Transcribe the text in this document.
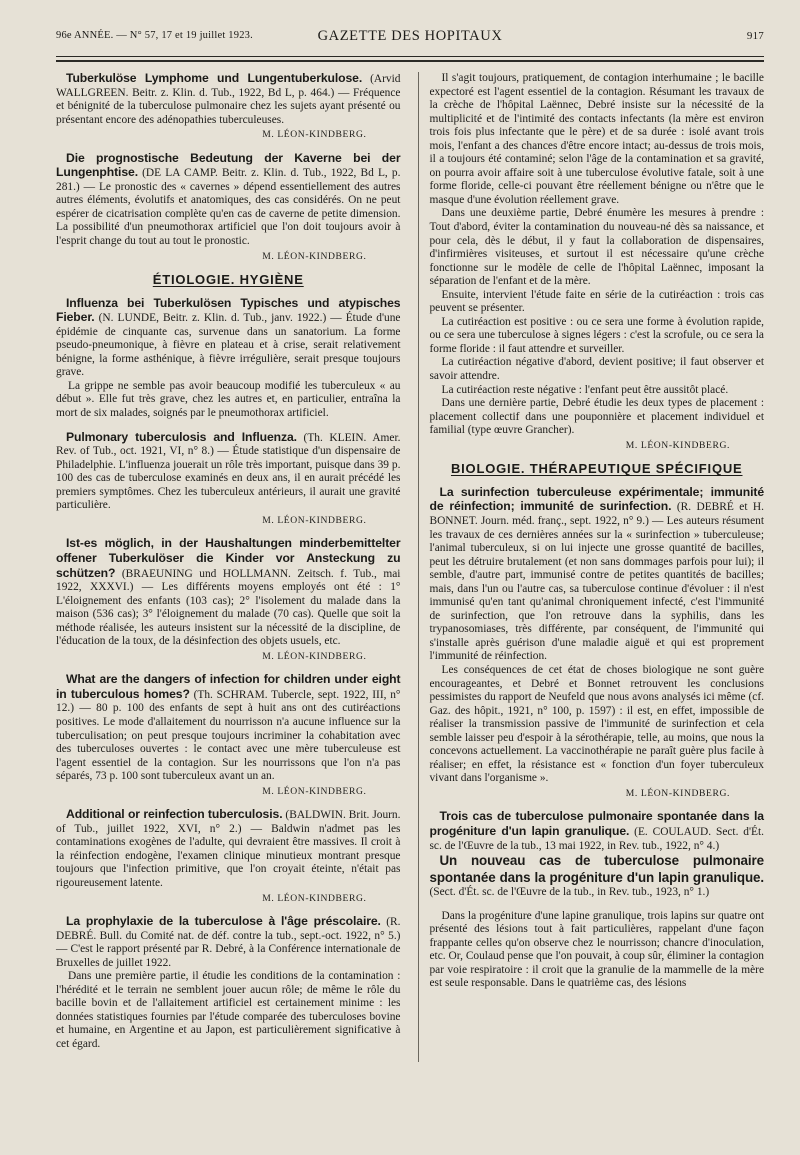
96e ANNÉE. — N° 57, 17 et 19 juillet 1923.	GAZETTE DES HOPITAUX	917

Tuberkulöse Lymphome und Lungentuberkulose. (Arvid WALLGREEN. Beitr. z. Klin. d. Tub., 1922, Bd L, p. 464.) — Fréquence et bénignité de la tuberculose pulmonaire chez les sujets ayant présenté ou présentant encore des adénopathies tuberculeuses.

M. LÉON-KINDBERG.

Die prognostische Bedeutung der Kaverne bei der Lungenphtise. (DE LA CAMP. Beitr. z. Klin. d. Tub., 1922, Bd L, p. 281.) — Le pronostic des « cavernes » dépend essentiellement des autres autres éléments, évolutifs et anatomiques, des cas considérés. On ne peut espérer de cicatrisation complète qu'en cas de caverne de petite dimension. La possibilité d'un pneumothorax artificiel que l'on doit toujours avoir à l'esprit change du tout au tout le pronostic.

M. LÉON-KINDBERG.
ÉTIOLOGIE. HYGIÈNE

Influenza bei Tuberkulösen Typisches und atypisches Fieber. (N. LUNDE, Beitr. z. Klin. d. Tub., janv. 1922.) — Étude d'une épidémie de cinquante cas, survenue dans un sanatorium. La forme pseudo-pneumonique, à fièvre en plateau et à crise, serait relativement bénigne, la forme asthénique, à fièvre irrégulière, serait presque toujours grave.

La grippe ne semble pas avoir beaucoup modifié les tuberculeux « au début ». Elle fut très grave, chez les autres et, en particulier, entraîna la mort de six malades, soignés par le pneumothorax artificiel.

Pulmonary tuberculosis and Influenza. (Th. KLEIN. Amer. Rev. of Tub., oct. 1921, VI, n° 8.) — Étude statistique d'un dispensaire de Philadelphie. L'influenza jouerait un rôle très important, puisque dans 39 p. 100 des cas de tuberculose examinés en deux ans, il en aurait précédé les premiers symptômes. Chez les tuberculeux antérieurs, il aurait une gravité particulière.

M. LÉON-KINDBERG.

Ist-es möglich, in der Haushaltungen minderbemittelter offener Tuberkulöser die Kinder vor Ansteckung zu schützen? (BRAEUNING und HOLLMANN. Zeitsch. f. Tub., mai 1922, XXXVI.) — Les différents moyens employés ont été : 1° L'éloignement des enfants (103 cas); 2° l'isolement du malade dans la maison (536 cas); 3° l'éloignement du malade (70 cas). Quelle que soit la méthode réalisée, les auteurs insistent sur la nécessité de la discipline, de l'éducation de la toux, de la désinfection des objets usuels, etc.

M. LÉON-KINDBERG.

What are the dangers of infection for children under eight in tuberculous homes? (Th. SCHRAM. Tubercle, sept. 1922, III, n° 12.) — 80 p. 100 des enfants de sept à huit ans ont des cutiréactions positives. Le mode d'allaitement du nourrisson n'a aucune influence sur la tuberculisation; on peut presque toujours incriminer la cohabitation avec des tuberculoses ouvertes : le contact avec une mère tuberculeuse est l'agent essentiel de la contagion. Sur les nourrissons que l'on n'a pas séparés, 73 p. 100 sont tuberculeux avant un an.

M. LÉON-KINDBERG.

Additional or reinfection tuberculosis. (BALDWIN. Brit. Journ. of Tub., juillet 1922, XVI, n° 2.) — Baldwin n'admet pas les contaminations exogènes de l'adulte, qui devraient être massives. Il croit à la réinfection endogène, l'examen clinique minutieux montrant presque toujours que l'infection primitive, que l'on croyait éteinte, n'était pas rigoureusement latente.

M. LÉON-KINDBERG.

La prophylaxie de la tuberculose à l'âge préscolaire. (R. DEBRÉ. Bull. du Comité nat. de déf. contre la tub., sept.-oct. 1922, n° 5.) — C'est le rapport présenté par R. Debré, à la Conférence internationale de Bruxelles de juillet 1922.

Dans une première partie, il étudie les conditions de la contamination : l'hérédité et le terrain ne semblent jouer aucun rôle; de même le rôle du bacille bovin et de l'allaitement artificiel est certainement minime : les données statistiques fournies par l'étude comparée des tuberculoses bovine et humaine, en Argentine et au Japon, est particulièrement significative à cet égard.

Il s'agit toujours, pratiquement, de contagion interhumaine ; le bacille expectoré est l'agent essentiel de la contagion. Résumant les travaux de la crèche de l'hôpital Laënnec, Debré insiste sur la nécessité de la multiplicité et de l'intimité des contacts infectants (la mère est environ trois fois plus infectante que le père) et de sa durée : isolé avant trois mois, l'enfant a des chances d'être encore intact; au-dessus de trois mois, il a toujours été contaminé; selon l'âge de la contamination et sa gravité, on pourra avoir affaire soit à une tuberculose évolutive fatale, soit à une forme floride, celle-ci pouvant être réellement bénigne ou n'être que le masque d'une évolution réellement grave.

Dans une deuxième partie, Debré énumère les mesures à prendre : Tout d'abord, éviter la contamination du nouveau-né dès sa naissance, et pour cela, dès le début, il y faut la collaboration de dispensaires, d'infirmières visiteuses, et surtout il est nécessaire qu'une crèche fonctionne sur le modèle de celle de l'hôpital Laënnec, imposant la séparation de l'enfant et de la mère.

Ensuite, intervient l'étude faite en série de la cutiréaction : trois cas peuvent se présenter.

La cutiréaction est positive : ou ce sera une forme à évolution rapide, ou ce sera une tuberculose à signes légers : c'est la scrofule, ou ce sera la forme floride : il faut attendre et surveiller.

La cutiréaction négative d'abord, devient positive; il faut observer et savoir attendre.

La cutiréaction reste négative : l'enfant peut être aussitôt placé.

Dans une dernière partie, Debré étudie les deux types de placement : placement collectif dans une pouponnière et placement individuel et familial (type œuvre Grancher).

M. LÉON-KINDBERG.
BIOLOGIE. THÉRAPEUTIQUE SPÉCIFIQUE

La surinfection tuberculeuse expérimentale; immunité de réinfection; immunité de surinfection. (R. DEBRÉ et H. BONNET. Journ. méd. franç., sept. 1922, n° 9.) — Les auteurs résument les travaux de ces dernières années sur la « surinfection » tuberculeuse; l'animal tuberculeux, si on lui injecte une grosse quantité de bacilles, peut les détruire brutalement (et non sans dommages parfois pour lui); il semble, d'autre part, immunisé contre de petites quantités de bacilles; mais, dans l'un ou l'autre cas, sa tuberculose continue d'évoluer : il n'est immunisé qu'en tant qu'animal chroniquement infecté, c'est l'immunité de surinfection, que l'on retrouve dans la syphilis, dans les trypanosomiases, très différente, par conséquent, de l'immunité qui s'installe après guérison d'une maladie aiguë et qui est proprement l'immunité de réinfection.

Les conséquences de cet état de choses biologique ne sont guère encourageantes, et Debré et Bonnet retrouvent les conclusions pessimistes du rapport de Neufeld que nous avons analysés ici même (cf. Gaz. des hôpit., 1921, n° 100, p. 1597) : il est, en effet, impossible de réaliser la transmission passive de l'immunité de surinfection et cela semble laisser peu d'espoir à la sérothérapie, telle, au moins, que nous la concevons actuellement. La vaccinothérapie ne paraît guère plus facile à réaliser; en effet, la résistance est « fonction d'un foyer tuberculeux vivant dans l'organisme ».

M. LÉON-KINDBERG.

Trois cas de tuberculose pulmonaire spontanée dans la progéniture d'un lapin granulique. (E. COULAUD. Sect. d'Ét. sc. de l'Œuvre de la tub., 13 mai 1922, in Rev. tub., 1922, n° 4.)

Un nouveau cas de tuberculose pulmonaire spontanée dans la progéniture d'un lapin granulique. (Sect. d'Ét. sc. de l'Œuvre de la tub., in Rev. tub., 1923, n° 1.)

Dans la progéniture d'une lapine granulique, trois lapins sur quatre ont présenté des lésions tout à fait particulières, rappelant d'une façon frappante celles qu'on observe chez le nourrisson; chancre d'inoculation, etc. Or, Coulaud pense que l'on pouvait, à coup sûr, éliminer la contagion par voie respiratoire : il croit que la granulie de la mammelle de la mère est seule responsable. Dans le quatrième cas, des lésions
